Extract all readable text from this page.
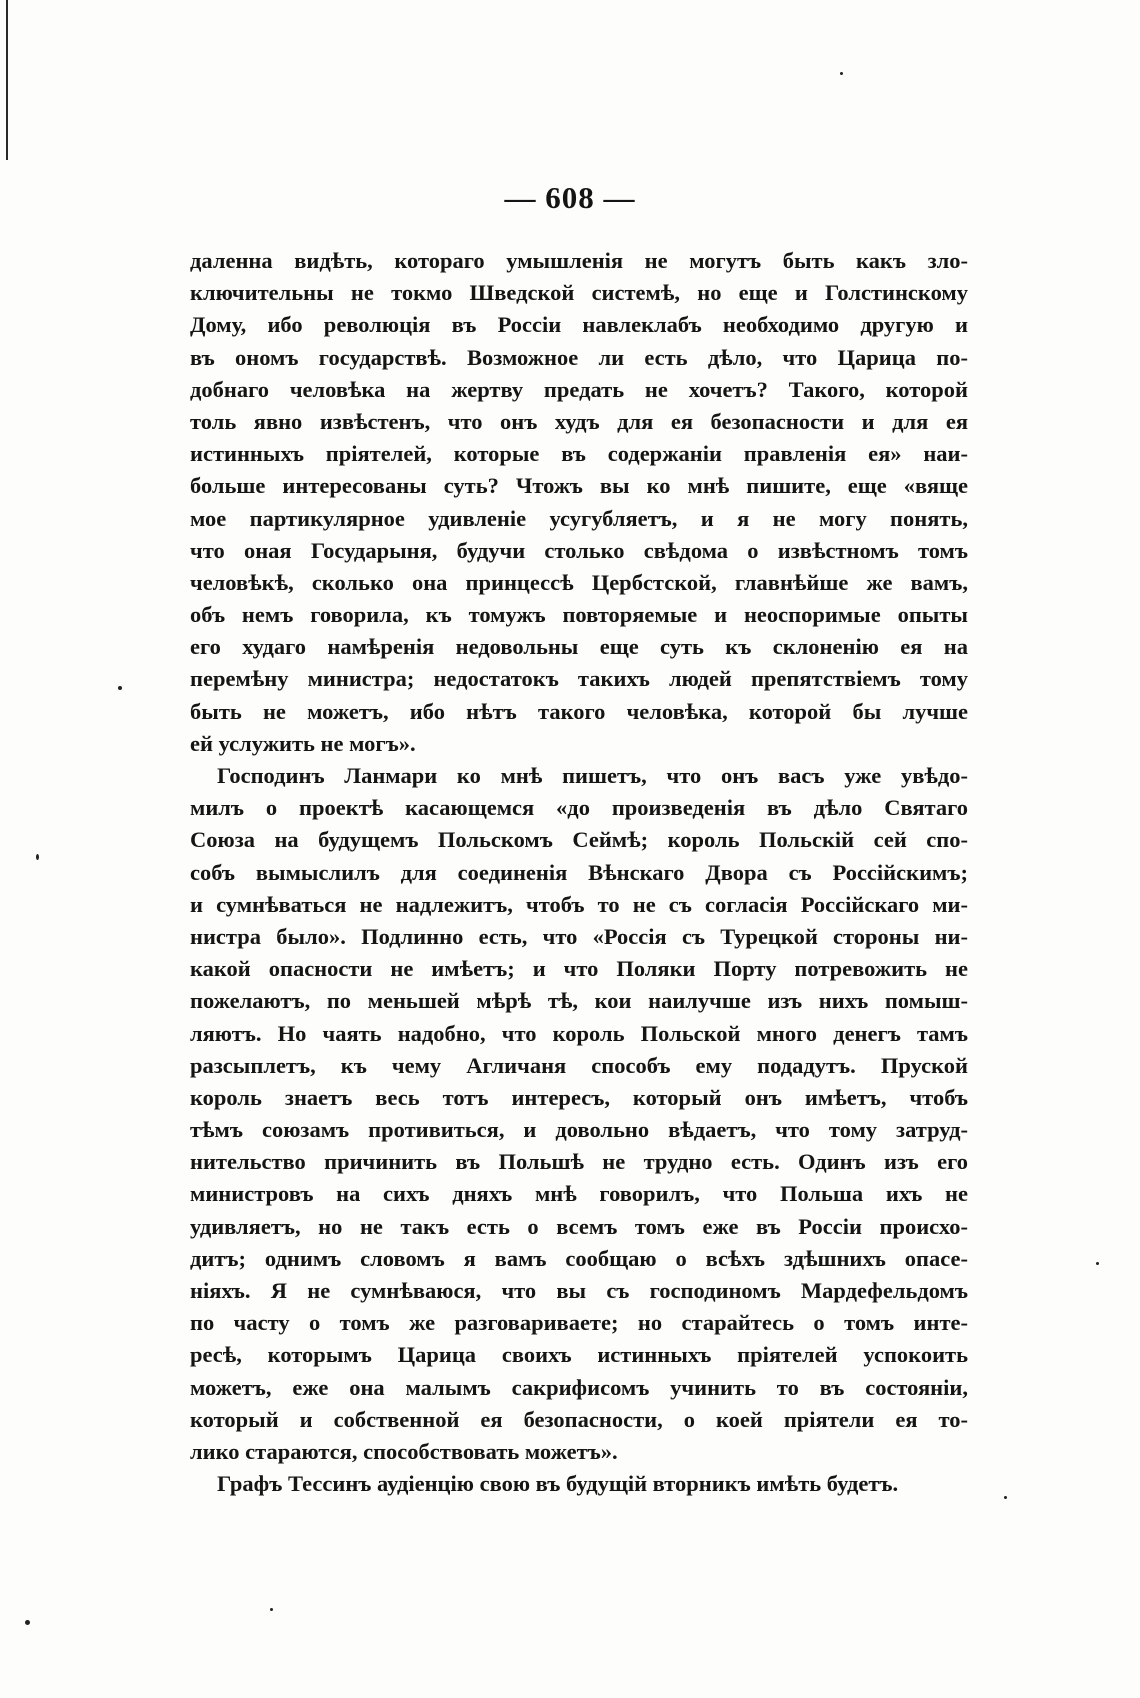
— 608 —
даленна видѣть, котораго умышленія не могутъ быть какъ зло-
ключительны не токмо Шведской системѣ, но еще и Голстинскому
Дому, ибо революція въ Россіи навлеклабъ необходимо другую и
въ ономъ государствѣ. Возможное ли есть дѣло, что Царица по-
добнаго человѣка на жертву предать не хочетъ? Такого, которой
толь явно извѣстенъ, что онъ худъ для ея безопасности и для ея
истинныхъ пріятелей, которые въ содержаніи правленія ея» наи-
больше интересованы суть? Чтожъ вы ко мнѣ пишите, еще «вяще
мое партикулярное удивленіе усугубляетъ, и я не могу понять,
что оная Государыня, будучи столько свѣдома о извѣстномъ томъ
человѣкѣ, сколько она принцессѣ Цербстской, главнѣйше же вамъ,
объ немъ говорила, къ томужъ повторяемые и неоспоримые опыты
его худаго намѣренія недовольны еще суть къ склоненію ея на
перемѣну министра; недостатокъ такихъ людей препятствіемъ тому
быть не можетъ, ибо нѣтъ такого человѣка, которой бы лучше
ей услужить не могъ».
Господинъ Ланмари ко мнѣ пишетъ, что онъ васъ уже увѣдо-
милъ о проектѣ касающемся «до произведенія въ дѣло Святаго
Союза на будущемъ Польскомъ Сеймѣ; король Польскій сей спо-
собъ вымыслилъ для соединенія Вѣнскаго Двора съ Россійскимъ;
и сумнѣваться не надлежитъ, чтобъ то не съ согласія Россійскаго ми-
нистра было». Подлинно есть, что «Россія съ Турецкой стороны ни-
какой опасности не имѣетъ; и что Поляки Порту потревожить не
пожелаютъ, по меньшей мѣрѣ тѣ, кои наилучше изъ нихъ помыш-
ляютъ. Но чаять надобно, что король Польской много денегъ тамъ
разсыплетъ, къ чему Агличаня способъ ему подадутъ. Пруской
король знаетъ весь тотъ интересъ, который онъ имѣетъ, чтобъ
тѣмъ союзамъ противиться, и довольно вѣдаетъ, что тому затруд-
нительство причинить въ Польшѣ не трудно есть. Одинъ изъ его
министровъ на сихъ дняхъ мнѣ говорилъ, что Польша ихъ не
удивляетъ, но не такъ есть о всемъ томъ еже въ Россіи происхо-
дитъ; однимъ словомъ я вамъ сообщаю о всѣхъ здѣшнихъ опасе-
ніяхъ. Я не сумнѣваюся, что вы съ господиномъ Мардефельдомъ
по часту о томъ же разговариваете; но старайтесь о томъ инте-
ресѣ, которымъ Царица своихъ истинныхъ пріятелей успокоить
можетъ, еже она малымъ сакрифисомъ учинить то въ состояніи,
который и собственной ея безопасности, о коей пріятели ея то-
лико стараются, способствовать можетъ».
Графъ Тессинъ аудіенцію свою въ будущій вторникъ имѣть будетъ.
